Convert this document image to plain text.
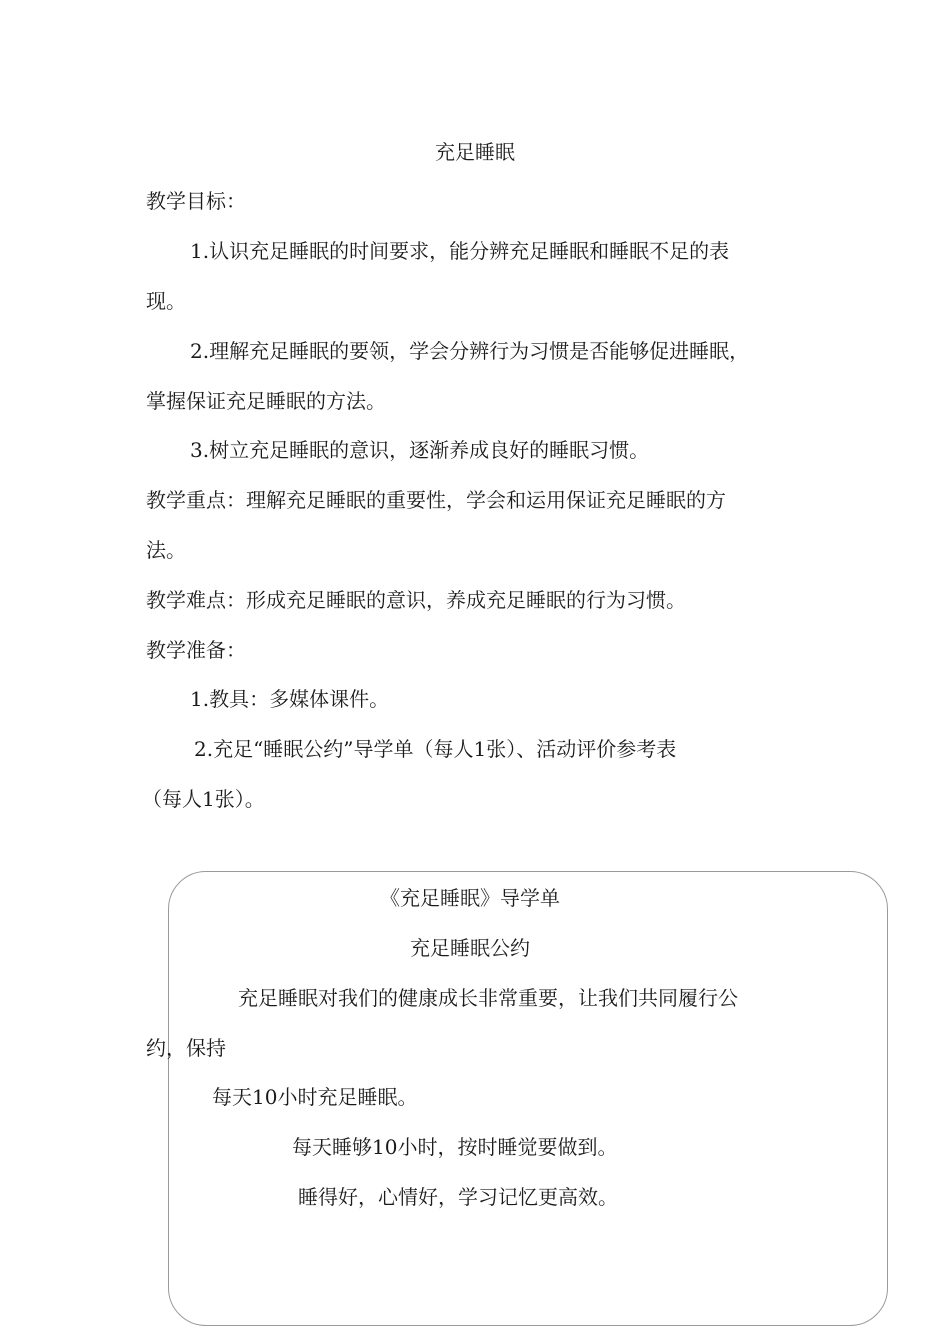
充足睡眠
教学目标：
1.认识充足睡眠的时间要求，能分辨充足睡眠和睡眠不足的表
现。
2.理解充足睡眠的要领，学会分辨行为习惯是否能够促进睡眠，
掌握保证充足睡眠的方法。
3.树立充足睡眠的意识，逐渐养成良好的睡眠习惯。
教学重点：理解充足睡眠的重要性，学会和运用保证充足睡眠的方
法。
教学难点：形成充足睡眠的意识，养成充足睡眠的行为习惯。
教学准备：
1.教具：多媒体课件。
2.充足“睡眠公约”导学单（每人1张）、活动评价参考表
（每人1张）。
《充足睡眠》导学单
充足睡眠公约
充足睡眠对我们的健康成长非常重要，让我们共同履行公
约，保持
每天10小时充足睡眠。
每天睡够10小时，按时睡觉要做到。
睡得好，心情好，学习记忆更高效。
